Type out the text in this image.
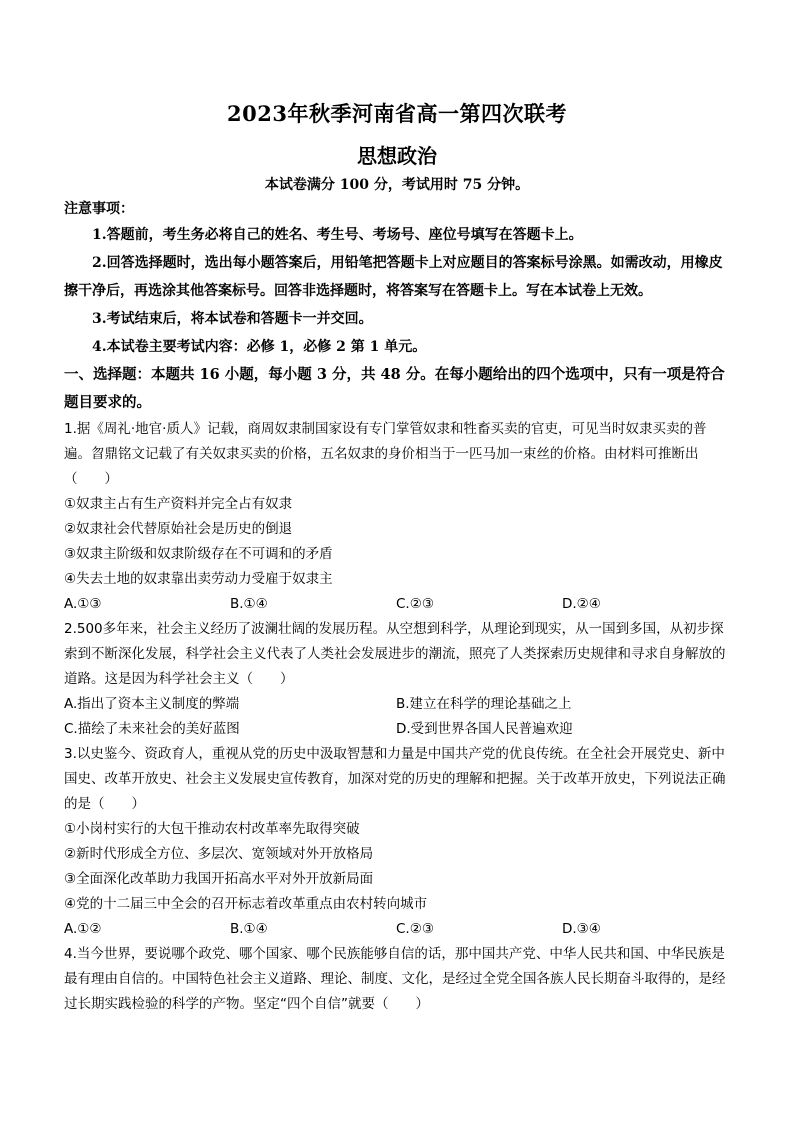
2023年秋季河南省高一第四次联考
思想政治
本试卷满分 100 分，考试用时 75 分钟。
注意事项：

1.答题前，考生务必将自己的姓名、考生号、考场号、座位号填写在答题卡上。

2.回答选择题时，选出每小题答案后，用铅笔把答题卡上对应题目的答案标号涂黑。如需改动，用橡皮擦干净后，再选涂其他答案标号。回答非选择题时，将答案写在答题卡上。写在本试卷上无效。

3.考试结束后，将本试卷和答题卡一并交回。

4.本试卷主要考试内容：必修 1，必修 2 第 1 单元。

一、选择题：本题共 16 小题，每小题 3 分，共 48 分。在每小题给出的四个选项中，只有一项是符合题目要求的。

1.据《周礼·地官·质人》记载，商周奴隶制国家设有专门掌管奴隶和牲畜买卖的官吏，可见当时奴隶买卖的普遍。曶鼎铭文记载了有关奴隶买卖的价格，五名奴隶的身价相当于一匹马加一束丝的价格。由材料可推断出（　　）

①奴隶主占有生产资料并完全占有奴隶

②奴隶社会代替原始社会是历史的倒退

③奴隶主阶级和奴隶阶级存在不可调和的矛盾

④失去土地的奴隶靠出卖劳动力受雇于奴隶主

A.①③	B.①④	C.②③	D.②④

2.500多年来，社会主义经历了波澜壮阔的发展历程。从空想到科学，从理论到现实，从一国到多国，从初步探索到不断深化发展，科学社会主义代表了人类社会发展进步的潮流，照亮了人类探索历史规律和寻求自身解放的道路。这是因为科学社会主义（　　）

A.指出了资本主义制度的弊端	B.建立在科学的理论基础之上
C.描绘了未来社会的美好蓝图	D.受到世界各国人民普遍欢迎

3.以史鉴今、资政育人，重视从党的历史中汲取智慧和力量是中国共产党的优良传统。在全社会开展党史、新中国史、改革开放史、社会主义发展史宣传教育，加深对党的历史的理解和把握。关于改革开放史，下列说法正确的是（　　）

①小岗村实行的大包干推动农村改革率先取得突破

②新时代形成全方位、多层次、宽领域对外开放格局

③全面深化改革助力我国开拓高水平对外开放新局面

④党的十二届三中全会的召开标志着改革重点由农村转向城市

A.①②	B.①④	C.②③	D.③④

4.当今世界，要说哪个政党、哪个国家、哪个民族能够自信的话，那中国共产党、中华人民共和国、中华民族是最有理由自信的。中国特色社会主义道路、理论、制度、文化，是经过全党全国各族人民长期奋斗取得的，是经过长期实践检验的科学的产物。坚定“四个自信”就要（　　）
